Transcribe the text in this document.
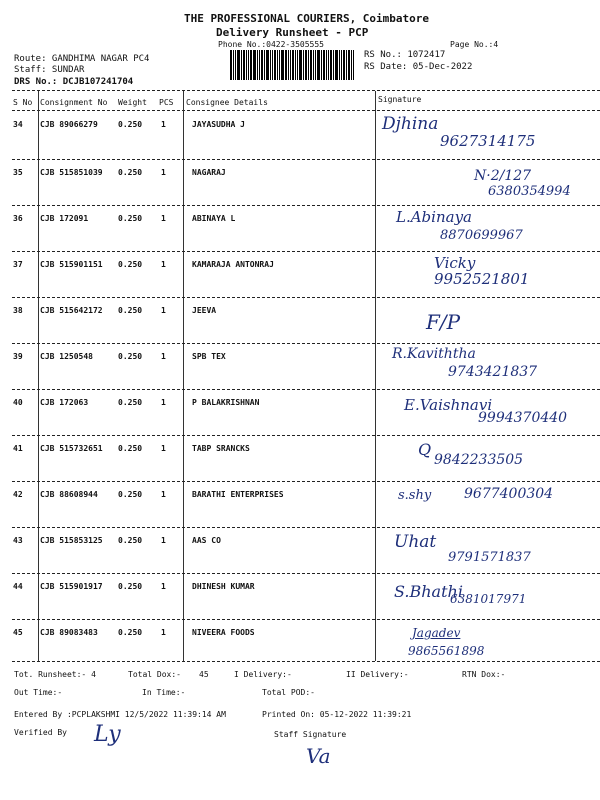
THE PROFESSIONAL COURIERS, Coimbatore
Delivery Runsheet - PCP
Phone No.:0422-3505555	Page No.:4
Route: GANDHIMA NAGAR PC4
Staff: SUNDAR
DRS No.: DCJB107241704
RS No.: 1072417
RS Date: 05-Dec-2022
S No Consignment No Weight PCS Consignee Details	Signature
34 CJB 89066279	0.250 1	JAYASUDHA J	Djhina
9627314175
35 CJB 515851039 0.250 1	NAGARAJ	N·2/127
6380354994
36 CJB 172091	0.250 1	ABINAYA L	L.Abinaya
8870699967
37 CJB 515901151 0.250 1	KAMARAJA ANTONRAJ	Vicky
9952521801
38 CJB 515642172 0.250 1	JEEVA	F/P
39 CJB 1250548	0.250 1	SPB TEX	R.Kaviththa
9743421837
40 CJB 172063	0.250 1	P BALAKRISHNAN	E.Vaishnavi
9994370440
41 CJB 515732651 0.250 1	TABP SRANCKS	Q
9842233505
42 CJB 88608944	0.250 1	BARATHI ENTERPRISES	s.shy 9677400304
43 CJB 515853125 0.250 1	AAS CO	Uhat
9791571837
44 CJB 515901917 0.250 1	DHINESH KUMAR	S.Bhathi
6381017971
45 CJB 89083483	0.250 1	NIVEERA FOODS	Jagadev
9865561898
Tot. Runsheet:- 4	Total Dox:- 45	I Delivery:-	II Delivery:-	RTN Dox:-
Out Time:-	In Time:-	Total POD:-
Entered By :PCPLAKSHMI 12/5/2022 11:39:14 AM	Printed On: 05-12-2022 11:39:21
Verified By Ly	Staff Signature
Va
